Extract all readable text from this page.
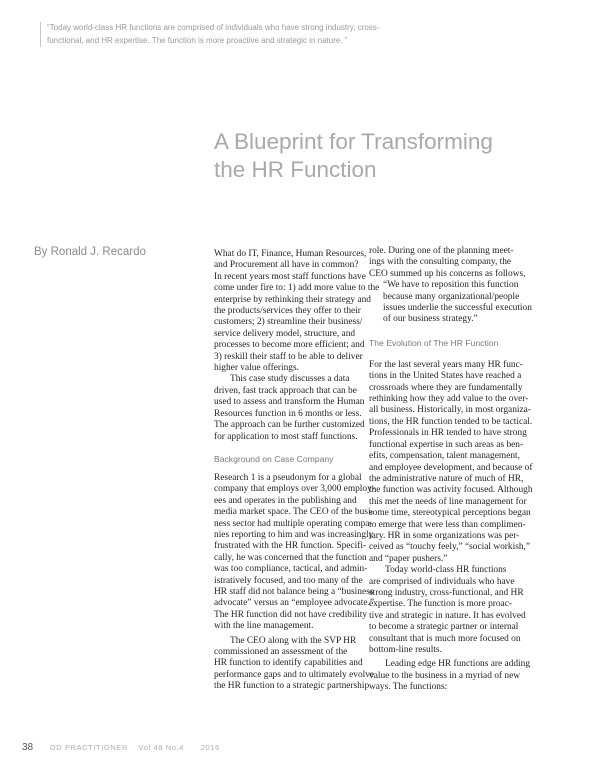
“Today world-class HR functions are comprised of individuals who have strong industry, cross-
functional, and HR expertise. The function is more proactive and strategic in nature. ”
A Blueprint for Transforming
the HR Function
By Ronald J. Recardo	What do IT, Finance, Human Resources,
and Procurement all have in common?
In recent years most staff functions have
come under fire to: 1) add more value to the
enterprise by rethinking their strategy and
the products/services they offer to their
customers; 2) streamline their business/
service delivery model, structure, and
processes to become more efficient; and
3) reskill their staff to be able to deliver
higher value offerings.
This case study discusses a data
driven, fast track approach that can be
used to assess and transform the Human
Resources function in 6 months or less.
The approach can be further customized
for application to most staff functions.
Background on Case Company
Research 1 is a pseudonym for a global
company that employs over 3,000 employ-
ees and operates in the publishing and
media market space. The CEO of the busi-
ness sector had multiple operating compa-
nies reporting to him and was increasingly
frustrated with the HR function. Specifi-
cally, he was concerned that the function
was too compliance, tactical, and admin-
istratively focused, and too many of the
HR staff did not balance being a “business
advocate” versus an “employee advocate.”
The HR function did not have credibility
with the line management.
The CEO along with the SVP HR
commissioned an assessment of the
HR function to identify capabilities and
performance gaps and to ultimately evolve
the HR function to a strategic partnership
role. During one of the planning meet-
ings with the consulting company, the
CEO summed up his concerns as follows,
“We have to reposition this function
because many organizational/people
issues underlie the successful execution
of our business strategy.”
The Evolution of The HR Function
For the last several years many HR func-
tions in the United States have reached a
crossroads where they are fundamentally
rethinking how they add value to the over-
all business. Historically, in most organiza-
tions, the HR function tended to be tactical.
Professionals in HR tended to have strong
functional expertise in such areas as ben-
efits, compensation, talent management,
and employee development, and because of
the administrative nature of much of HR,
the function was activity focused. Although
this met the needs of line management for
some time, stereotypical perceptions began
to emerge that were less than complimen-
tary. HR in some organizations was per-
ceived as “touchy feely,” “social workish,”
and “paper pushers.”
Today world-class HR functions
are comprised of individuals who have
strong industry, cross-functional, and HR
expertise. The function is more proac-
tive and strategic in nature. It has evolved
to become a strategic partner or internal
consultant that is much more focused on
bottom-line results.
Leading edge HR functions are adding
value to the business in a myriad of new
ways. The functions:
38 OD PRACTITIONER Vol.48 No.4 2016
